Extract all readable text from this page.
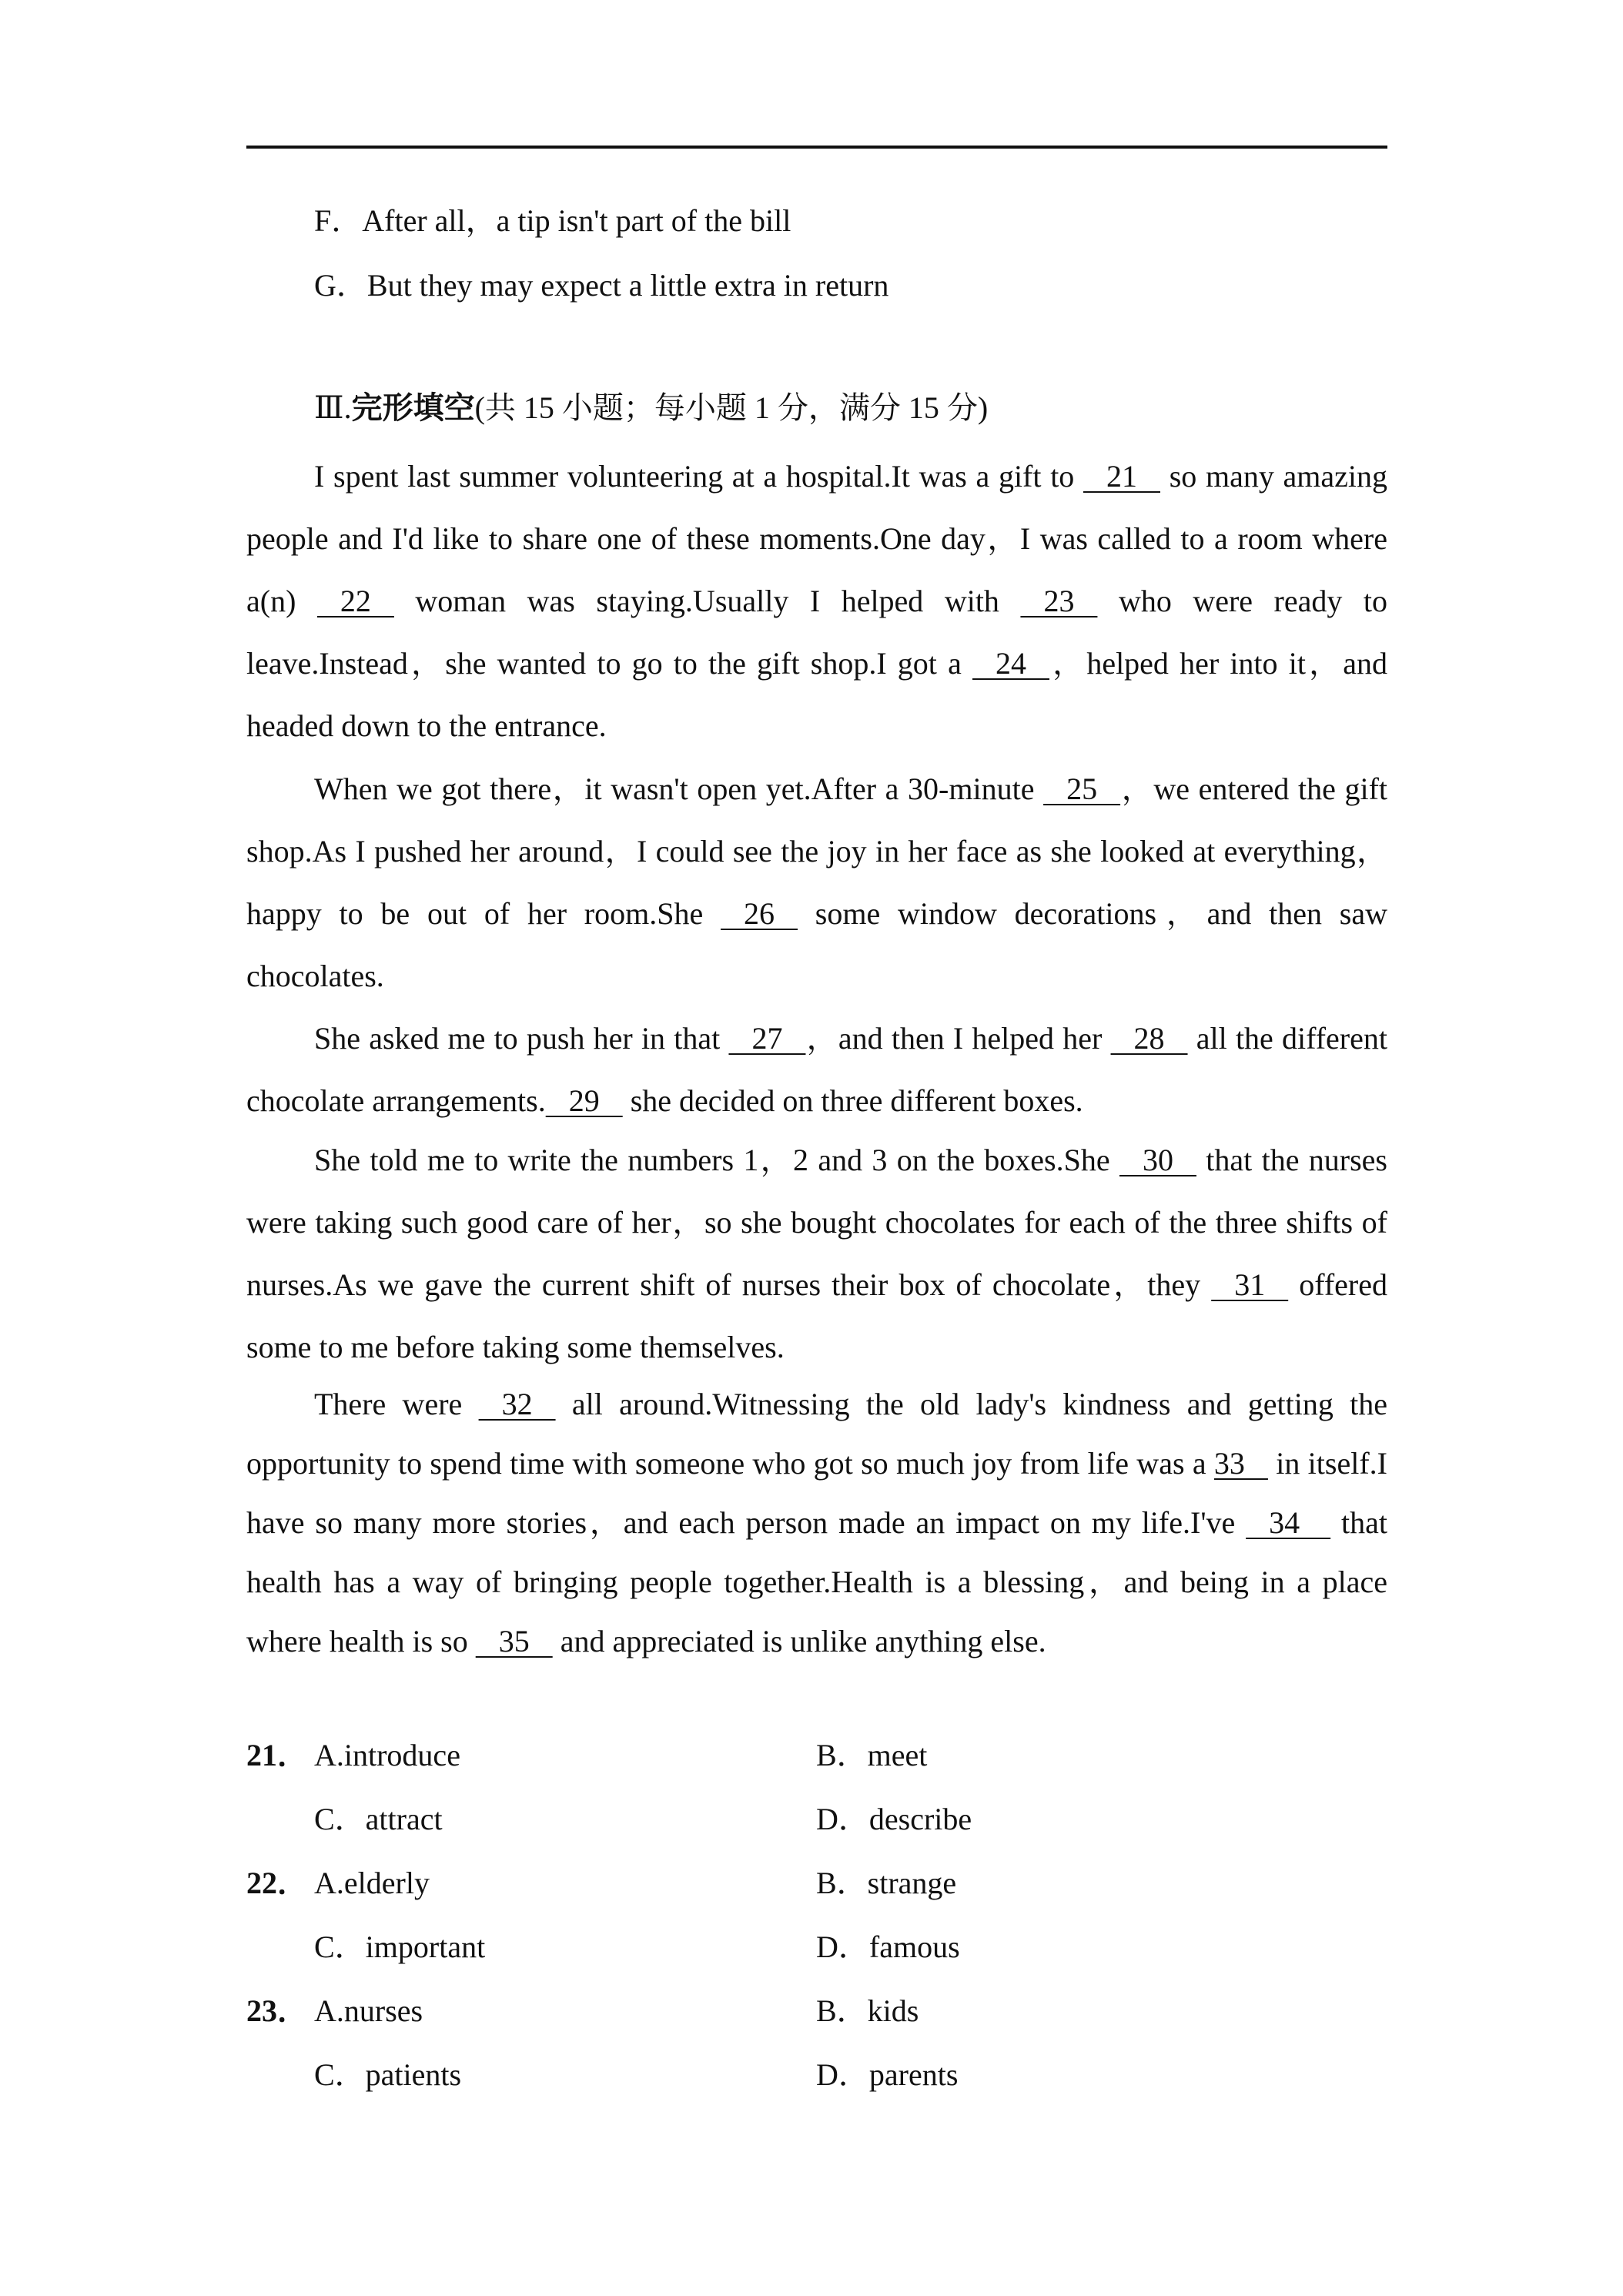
F．After all，a tip isn't part of the bill
G．But they may expect a little extra in return
Ⅲ.完形填空(共 15 小题；每小题 1 分，满分 15 分)
I spent last summer volunteering at a hospital.It was a gift to    21    so many amazing people and I'd like to share one of these moments.One day，I was called to a room where a(n)    22    woman was staying.Usually I helped with    23    who were ready to leave.Instead，she wanted to go to the gift shop.I got a    24   ，helped her into it，and headed down to the entrance.
When we got there，it wasn't open yet.After a 30-minute    25   ，we entered the gift shop.As I pushed her around，I could see the joy in her face as she looked at everything，happy to be out of her room.She    26    some window decorations，and then saw chocolates.
She asked me to push her in that    27   ，and then I helped her    28    all the different chocolate arrangements.   29    she decided on three different boxes.
She told me to write the numbers 1，2 and 3 on the boxes.She    30    that the nurses were taking such good care of her，so she bought chocolates for each of the three shifts of nurses.As we gave the current shift of nurses their box of chocolate，they    31    offered some to me before taking some themselves.
There were    32    all around.Witnessing the old lady's kindness and getting the opportunity to spend time with someone who got so much joy from life was a 33    in itself.I have so many more stories，and each person made an impact on my life.I've    34     that health has a way of bringing people together.Health is a blessing，and being in a place where health is so    35    and appreciated is unlike anything else.
21． A.introduce	B．meet
C．attract	D．describe
22． A.elderly	B．strange
C．important	D．famous
23． A.nurses	B．kids
C．patients	D．parents
